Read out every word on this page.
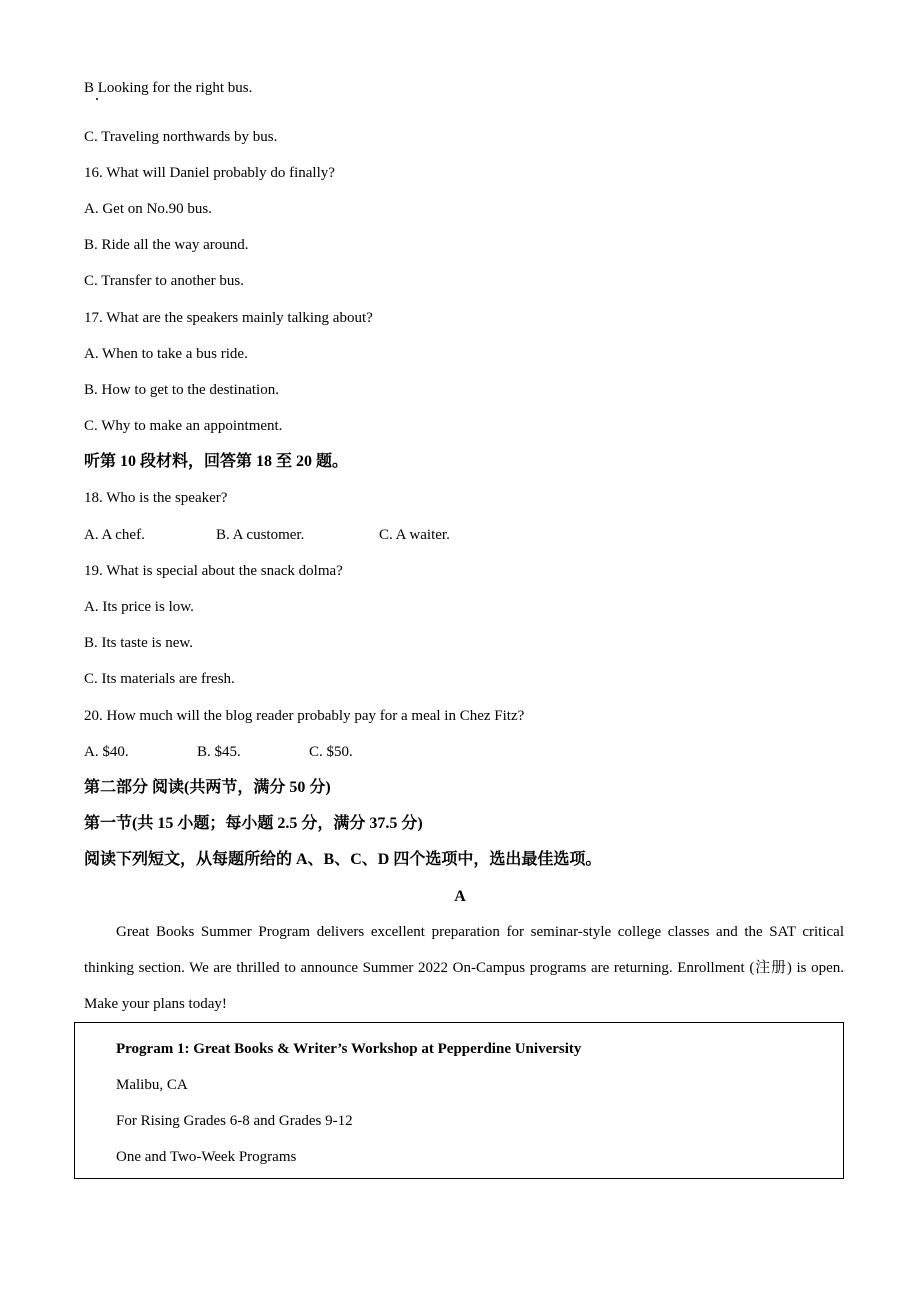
B Looking for the right bus.
C. Traveling northwards by bus.
16. What will Daniel probably do finally?
A. Get on No.90 bus.
B. Ride all the way around.
C. Transfer to another bus.
17. What are the speakers mainly talking about?
A. When to take a bus ride.
B. How to get to the destination.
C. Why to make an appointment.
听第 10 段材料，回答第 18 至 20 题。
18. Who is the speaker?
A. A chef.	B. A customer.	C. A waiter.
19. What is special about the snack dolma?
A. Its price is low.
B. Its taste is new.
C. Its materials are fresh.
20. How much will the blog reader probably pay for a meal in Chez Fitz?
A. $40.	B. $45.	C. $50.
第二部分 阅读(共两节，满分 50 分)
第一节(共 15 小题；每小题 2.5 分，满分 37.5 分)
阅读下列短文，从每题所给的 A、B、C、D 四个选项中，选出最佳选项。
A
Great Books Summer Program delivers excellent preparation for seminar-style college classes and the SAT critical thinking section. We are thrilled to announce Summer 2022 On-Campus programs are returning. Enrollment (注册) is open. Make your plans today!
Program 1: Great Books & Writer’s Workshop at Pepperdine University
Malibu, CA
For Rising Grades 6-8 and Grades 9-12
One and Two-Week Programs
